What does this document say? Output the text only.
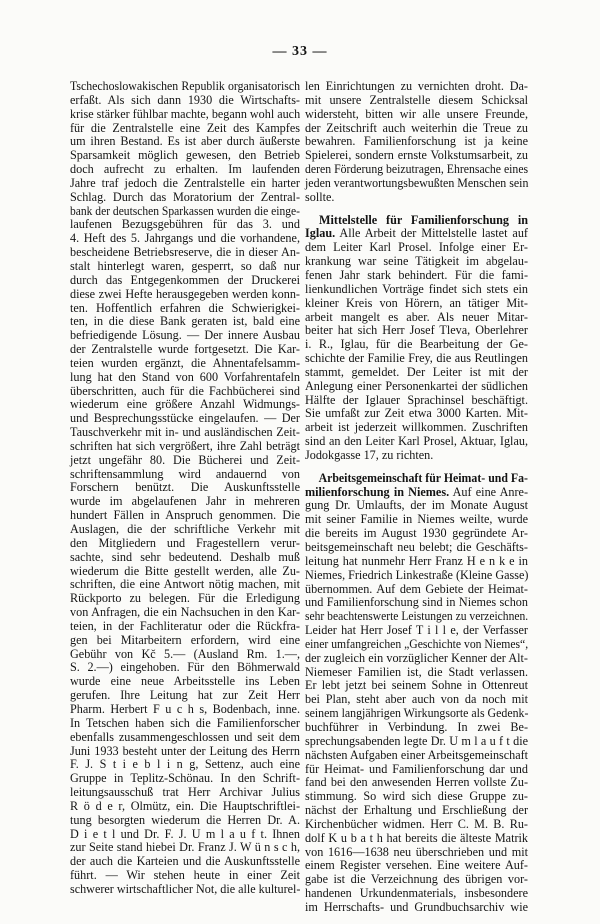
— 33 —
Tschechoslowakischen Republik organisatorisch
erfaßt. Als sich dann 1930 die Wirtschafts-
krise stärker fühlbar machte, begann wohl auch
für die Zentralstelle eine Zeit des Kampfes
um ihren Bestand. Es ist aber durch äußerste
Sparsamkeit möglich gewesen, den Betrieb
doch aufrecht zu erhalten. Im laufenden
Jahre traf jedoch die Zentralstelle ein harter
Schlag. Durch das Moratorium der Zentral-
bank der deutschen Sparkassen wurden die einge-
laufenen Bezugsgebühren für das 3. und
4. Heft des 5. Jahrgangs und die vorhandene,
bescheidene Betriebsreserve, die in dieser An-
stalt hinterlegt waren, gesperrt, so daß nur
durch das Entgegenkommen der Druckerei
diese zwei Hefte herausgegeben werden konn-
ten. Hoffentlich erfahren die Schwierigkei-
ten, in die diese Bank geraten ist, bald eine
befriedigende Lösung. — Der innere Ausbau
der Zentralstelle wurde fortgesetzt. Die Kar-
teien wurden ergänzt, die Ahnentafelsamm-
lung hat den Stand von 600 Vorfahrentafeln
überschritten, auch für die Fachbücherei sind
wiederum eine größere Anzahl Widmungs-
und Besprechungsstücke eingelaufen. — Der
Tauschverkehr mit in- und ausländischen Zeit-
schriften hat sich vergrößert, ihre Zahl beträgt
jetzt ungefähr 80. Die Bücherei und Zeit-
schriftensammlung wird andauernd von
Forschern benützt. Die Auskunftsstelle
wurde im abgelaufenen Jahr in mehreren
hundert Fällen in Anspruch genommen. Die
Auslagen, die der schriftliche Verkehr mit
den Mitgliedern und Fragestellern verur-
sachte, sind sehr bedeutend. Deshalb muß
wiederum die Bitte gestellt werden, alle Zu-
schriften, die eine Antwort nötig machen, mit
Rückporto zu belegen. Für die Erledigung
von Anfragen, die ein Nachsuchen in den Kar-
teien, in der Fachliteratur oder die Rückfra-
gen bei Mitarbeitern erfordern, wird eine
Gebühr von Kč 5.— (Ausland Rm. 1.—,
S. 2.—) eingehoben. Für den Böhmerwald
wurde eine neue Arbeitsstelle ins Leben
gerufen. Ihre Leitung hat zur Zeit Herr
Pharm. Herbert F u c h s, Bodenbach, inne.
In Tetschen haben sich die Familienforscher
ebenfalls zusammengeschlossen und seit dem
Juni 1933 besteht unter der Leitung des Herrn
F. J. S t i e b l i n g, Settenz, auch eine
Gruppe in Teplitz-Schönau. In den Schrift-
leitungsausschuß trat Herr Archivar Julius
R ö d e r, Olmütz, ein. Die Hauptschriftlei-
tung besorgten wiederum die Herren Dr. A.
D i e t l und Dr. F. J. U m l a u f t. Ihnen
zur Seite stand hiebei Dr. Franz J. W ü n s c h,
der auch die Karteien und die Auskunftsstelle
führt. — Wir stehen heute in einer Zeit
schwerer wirtschaftlicher Not, die alle kulturel-
len Einrichtungen zu vernichten droht. Da-
mit unsere Zentralstelle diesem Schicksal
widersteht, bitten wir alle unsere Freunde,
der Zeitschrift auch weiterhin die Treue zu
bewahren. Familienforschung ist ja keine
Spielerei, sondern ernste Volkstumsarbeit, zu
deren Förderung beizutragen, Ehrensache eines
jeden verantwortungsbewußten Menschen sein
sollte.
Mittelstelle für Familienforschung in
Iglau. Alle Arbeit der Mittelstelle lastet auf
dem Leiter Karl Prosel. Infolge einer Er-
krankung war seine Tätigkeit im abgelau-
fenen Jahr stark behindert. Für die fami-
lienkundlichen Vorträge findet sich stets ein
kleiner Kreis von Hörern, an tätiger Mit-
arbeit mangelt es aber. Als neuer Mitar-
beiter hat sich Herr Josef Tleva, Oberlehrer
i. R., Iglau, für die Bearbeitung der Ge-
schichte der Familie Frey, die aus Reutlingen
stammt, gemeldet. Der Leiter ist mit der
Anlegung einer Personenkartei der südlichen
Hälfte der Iglauer Sprachinsel beschäftigt.
Sie umfaßt zur Zeit etwa 3000 Karten. Mit-
arbeit ist jederzeit willkommen. Zuschriften
sind an den Leiter Karl Prosel, Aktuar, Iglau,
Jodokgasse 17, zu richten.
Arbeitsgemeinschaft für Heimat- und Fa-
milienforschung in Niemes. Auf eine Anre-
gung Dr. Umlaufts, der im Monate August
mit seiner Familie in Niemes weilte, wurde
die bereits im August 1930 gegründete Ar-
beitsgemeinschaft neu belebt; die Geschäfts-
leitung hat nunmehr Herr Franz H e n k e in
Niemes, Friedrich Linkestraße (Kleine Gasse)
übernommen. Auf dem Gebiete der Heimat-
und Familienforschung sind in Niemes schon
sehr beachtenswerte Leistungen zu verzeichnen.
Leider hat Herr Josef T i l l e, der Verfasser
einer umfangreichen „Geschichte von Niemes“,
der zugleich ein vorzüglicher Kenner der Alt-
Niemeser Familien ist, die Stadt verlassen.
Er lebt jetzt bei seinem Sohne in Ottenreut
bei Plan, steht aber auch von da noch mit
seinem langjährigen Wirkungsorte als Gedenk-
buchführer in Verbindung. In zwei Be-
sprechungsabenden legte Dr. U m l a u f t die
nächsten Aufgaben einer Arbeitsgemeinschaft
für Heimat- und Familienforschung dar und
fand bei den anwesenden Herren vollste Zu-
stimmung. So wird sich diese Gruppe zu-
nächst der Erhaltung und Erschließung der
Kirchenbücher widmen. Herr C. M. B. Ru-
dolf K u b a t h hat bereits die älteste Matrik
von 1616—1638 neu überschrieben und mit
einem Register versehen. Eine weitere Auf-
gabe ist die Verzeichnung des übrigen vor-
handenen Urkundenmaterials, insbesondere
im Herrschafts- und Grundbuchsarchiv wie
